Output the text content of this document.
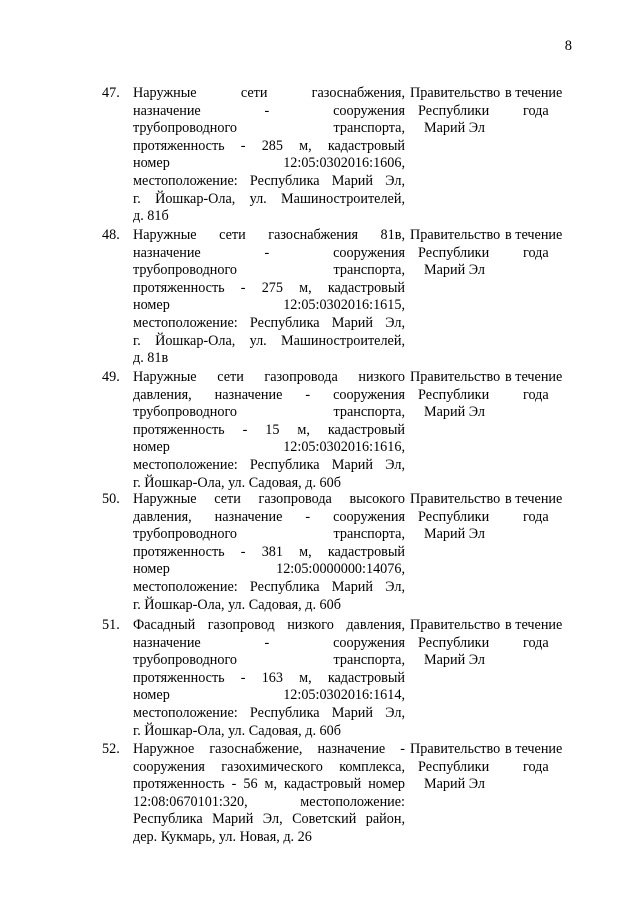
8
47. Наружные сети газоснабжения,
назначение - сооружения
трубопроводного транспорта,
протяженность - 285 м, кадастровый
номер 12:05:0302016:1606,
местоположение: Республика Марий Эл,
г. Йошкар-Ола, ул. Машиностроителей,
д. 81б
Правительство
Республики
Марий Эл
в течение
года
48. Наружные сети газоснабжения 81в,
назначение - сооружения
трубопроводного транспорта,
протяженность - 275 м, кадастровый
номер 12:05:0302016:1615,
местоположение: Республика Марий Эл,
г. Йошкар-Ола, ул. Машиностроителей,
д. 81в
Правительство
Республики
Марий Эл
в течение
года
49. Наружные сети газопровода низкого
давления, назначение - сооружения
трубопроводного транспорта,
протяженность - 15 м, кадастровый
номер 12:05:0302016:1616,
местоположение: Республика Марий Эл,
г. Йошкар-Ола, ул. Садовая, д. 60б
Правительство
Республики
Марий Эл
в течение
года
50. Наружные сети газопровода высокого
давления, назначение - сооружения
трубопроводного транспорта,
протяженность - 381 м, кадастровый
номер 12:05:0000000:14076,
местоположение: Республика Марий Эл,
г. Йошкар-Ола, ул. Садовая, д. 60б
Правительство
Республики
Марий Эл
в течение
года
51. Фасадный газопровод низкого давления,
назначение - сооружения
трубопроводного транспорта,
протяженность - 163 м, кадастровый
номер 12:05:0302016:1614,
местоположение: Республика Марий Эл,
г. Йошкар-Ола, ул. Садовая, д. 60б
Правительство
Республики
Марий Эл
в течение
года
52. Наружное газоснабжение, назначение -
сооружения газохимического комплекса,
протяженность - 56 м, кадастровый номер
12:08:0670101:320, местоположение:
Республика Марий Эл, Советский район,
дер. Кукмарь, ул. Новая, д. 26
Правительство
Республики
Марий Эл
в течение
года
